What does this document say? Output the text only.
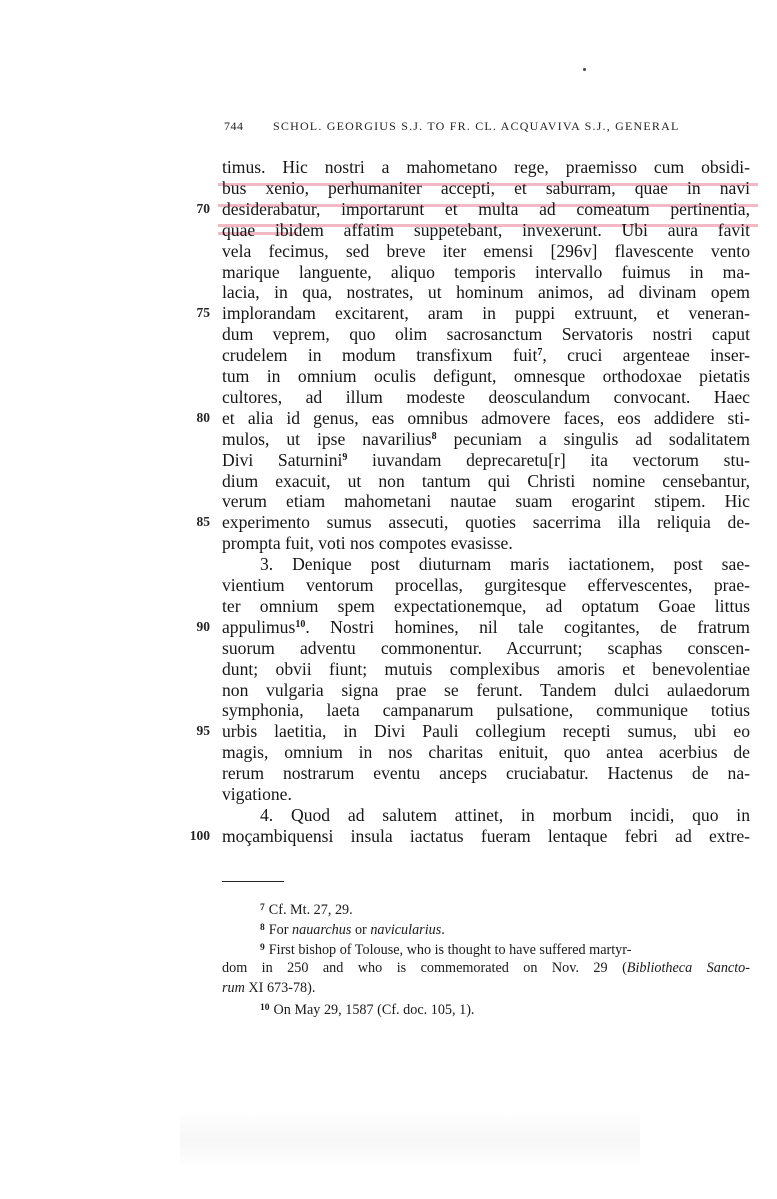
744 SCHOL. GEORGIUS S.J. TO FR. CL. ACQUAVIVA S.J., GENERAL
timus. Hic nostri a mahometano rege, praemisso cum obsidi-
bus xenio, perhumaniter accepti, et saburram, quae in navi
desiderabatur, importarunt et multa ad comeatum pertinentia,
70
quae ibidem affatim suppetebant, invexerunt. Ubi aura favit
vela fecimus, sed breve iter emensi [296v] flavescente vento
marique languente, aliquo temporis intervallo fuimus in ma-
lacia, in qua, nostrates, ut hominum animos, ad divinam opem
implorandam excitarent, aram in puppi extruunt, et veneran-
75
dum veprem, quo olim sacrosanctum Servatoris nostri caput
crudelem in modum transfixum fuit$^7$, cruci argenteae inser-
tum in omnium oculis defigunt, omnesque orthodoxae pietatis
cultores, ad illum modeste deosculandum convocant. Haec
et alia id genus, eas omnibus admovere faces, eos addidere sti-
80
mulos, ut ipse navarilius$^8$ pecuniam a singulis ad sodalitatem
Divi Saturnini$^9$ iuvandam deprecaretu[r] ita vectorum stu-
dium exacuit, ut non tantum qui Christi nomine censebantur,
verum etiam mahometani nautae suam erogarint stipem. Hic
experimento sumus assecuti, quoties sacerrima illa reliquia de-
85
prompta fuit, voti nos compotes evasisse.
3. Denique post diuturnam maris iactationem, post sae-
vientium ventorum procellas, gurgitesque effervescentes, prae-
ter omnium spem expectationemque, ad optatum Goae littus
appulimus$^{10}$. Nostri homines, nil tale cogitantes, de fratrum
90
suorum adventu commonentur. Accurrunt; scaphas conscen-
dunt; obvii fiunt; mutuis complexibus amoris et benevolentiae
non vulgaria signa prae se ferunt. Tandem dulci aulaedorum
symphonia, laeta campanarum pulsatione, communique totius
urbis laetitia, in Divi Pauli collegium recepti sumus, ubi eo
95
magis, omnium in nos charitas enituit, quo antea acerbius de
rerum nostrarum eventu anceps cruciabatur. Hactenus de na-
vigatione.
4. Quod ad salutem attinet, in morbum incidi, quo in
moçambiquensi insula iactatus fueram lentaque febri ad extre-
100
$^7$ Cf. Mt. 27, 29.
$^8$ For nauarchus or navicularius.
$^9$ First bishop of Tolouse, who is thought to have suffered martyr-
dom in 250 and who is commemorated on Nov. 29 (Bibliotheca Sancto-
rum XI 673-78).
$^{10}$ On May 29, 1587 (Cf. doc. 105, 1).
